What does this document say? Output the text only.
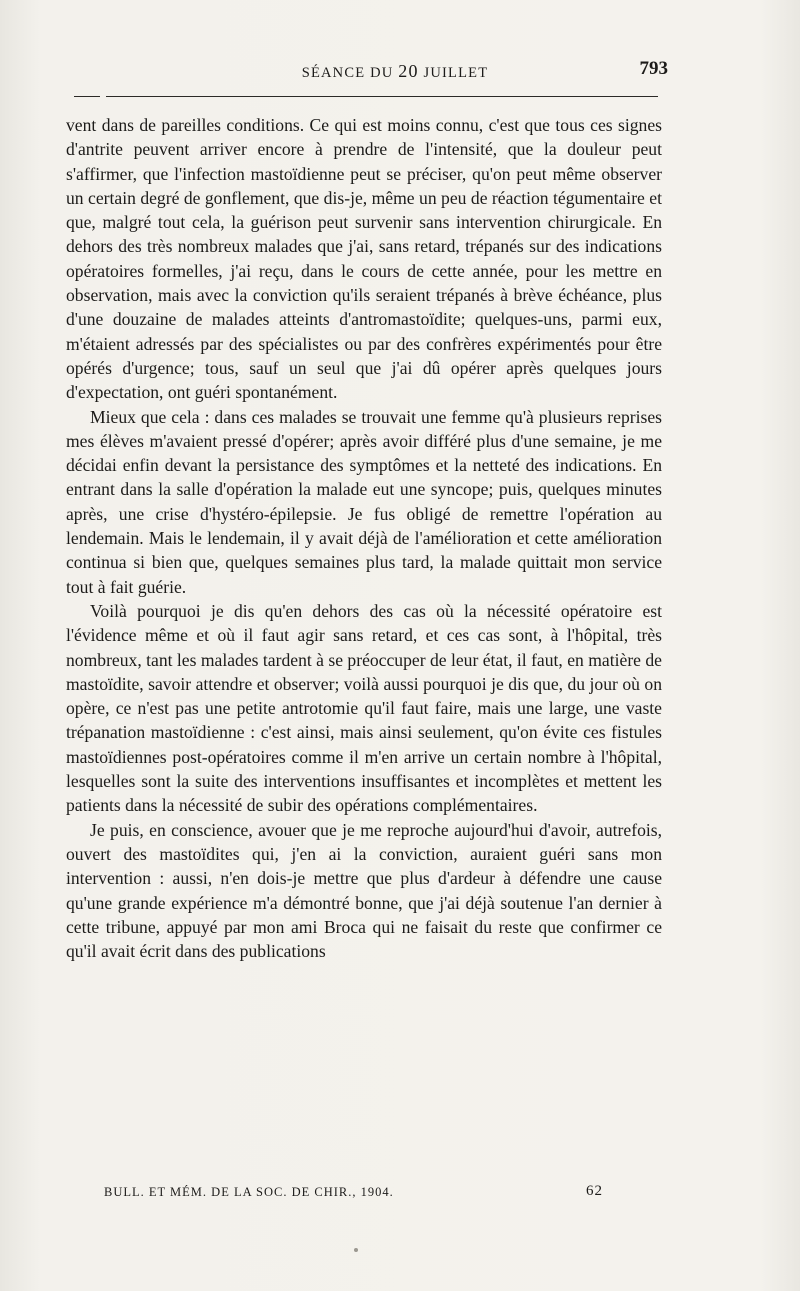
SÉANCE DU 20 JUILLET	793

vent dans de pareilles conditions. Ce qui est moins connu, c'est que tous ces signes d'antrite peuvent arriver encore à prendre de l'intensité, que la douleur peut s'affirmer, que l'infection mastoïdienne peut se préciser, qu'on peut même observer un certain degré de gonflement, que dis-je, même un peu de réaction tégumentaire et que, malgré tout cela, la guérison peut survenir sans intervention chirurgicale. En dehors des très nombreux malades que j'ai, sans retard, trépanés sur des indications opératoires formelles, j'ai reçu, dans le cours de cette année, pour les mettre en observation, mais avec la conviction qu'ils seraient trépanés à brève échéance, plus d'une douzaine de malades atteints d'antromastoïdite; quelques-uns, parmi eux, m'étaient adressés par des spécialistes ou par des confrères expérimentés pour être opérés d'urgence; tous, sauf un seul que j'ai dû opérer après quelques jours d'expectation, ont guéri spontanément.

Mieux que cela : dans ces malades se trouvait une femme qu'à plusieurs reprises mes élèves m'avaient pressé d'opérer; après avoir différé plus d'une semaine, je me décidai enfin devant la persistance des symptômes et la netteté des indications. En entrant dans la salle d'opération la malade eut une syncope; puis, quelques minutes après, une crise d'hystéro-épilepsie. Je fus obligé de remettre l'opération au lendemain. Mais le lendemain, il y avait déjà de l'amélioration et cette amélioration continua si bien que, quelques semaines plus tard, la malade quittait mon service tout à fait guérie.

Voilà pourquoi je dis qu'en dehors des cas où la nécessité opératoire est l'évidence même et où il faut agir sans retard, et ces cas sont, à l'hôpital, très nombreux, tant les malades tardent à se préoccuper de leur état, il faut, en matière de mastoïdite, savoir attendre et observer; voilà aussi pourquoi je dis que, du jour où on opère, ce n'est pas une petite antrotomie qu'il faut faire, mais une large, une vaste trépanation mastoïdienne : c'est ainsi, mais ainsi seulement, qu'on évite ces fistules mastoïdiennes post-opératoires comme il m'en arrive un certain nombre à l'hôpital, lesquelles sont la suite des interventions insuffisantes et incomplètes et mettent les patients dans la nécessité de subir des opérations complémentaires.

Je puis, en conscience, avouer que je me reproche aujourd'hui d'avoir, autrefois, ouvert des mastoïdites qui, j'en ai la conviction, auraient guéri sans mon intervention : aussi, n'en dois-je mettre que plus d'ardeur à défendre une cause qu'une grande expérience m'a démontré bonne, que j'ai déjà soutenue l'an dernier à cette tribune, appuyé par mon ami Broca qui ne faisait du reste que confirmer ce qu'il avait écrit dans des publications

BULL. ET MÉM. DE LA SOC. DE CHIR., 1904.	62
